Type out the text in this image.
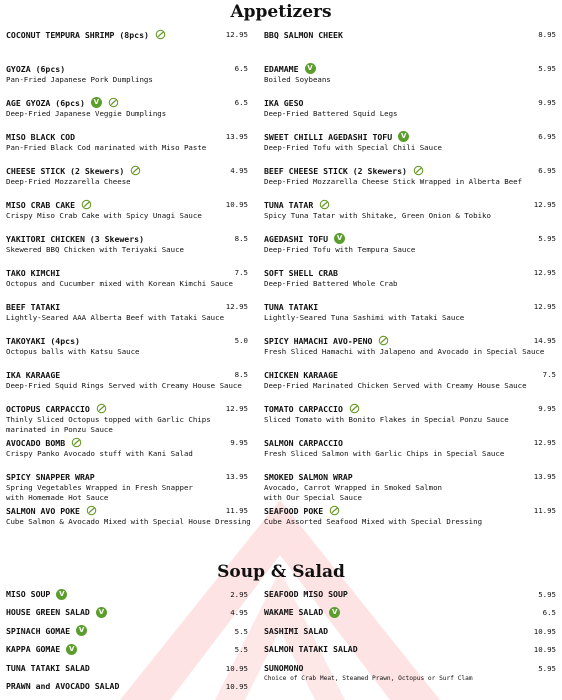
Appetizers
COCONUT TEMPURA SHRIMP (8pcs)	12.95
GYOZA (6pcs)	6.5
Pan-Fried Japanese Pork Dumplings
AGE GYOZA (6pcs)	V	6.5
Deep-Fried Japanese Veggie Dumplings
MISO BLACK COD	13.95
Pan-Fried Black Cod marinated with Miso Paste
CHEESE STICK (2 Skewers)	4.95
Deep-Fried Mozzarella Cheese
MISO CRAB CAKE	10.95
Crispy Miso Crab Cake with Spicy Unagi Sauce
YAKITORI CHICKEN (3 Skewers)	8.5
Skewered BBQ Chicken with Teriyaki Sauce
TAKO KIMCHI	7.5
Octopus and Cucumber mixed with Korean Kimchi Sauce
BEEF TATAKI	12.95
Lightly-Seared AAA Alberta Beef with Tataki Sauce
TAKOYAKI (4pcs)	5.0
Octopus balls with Katsu Sauce
IKA KARAAGE	8.5
Deep-Fried Squid Rings Served with Creamy House Sauce
OCTOPUS CARPACCIO	12.95
Thinly Sliced Octopus topped with Garlic Chips
marinated in Ponzu Sauce
AVOCADO BOMB	9.95
Crispy Panko Avocado stuff with Kani Salad
SPICY SNAPPER WRAP	13.95
Spring Vegetables Wrapped in Fresh Snapper
with Homemade Hot Sauce
SALMON AVO POKE	11.95
Cube Salmon & Avocado Mixed with Special House Dressing
BBQ SALMON CHEEK	8.95
EDAMAME	V	5.95
Boiled Soybeans
IKA GESO	9.95
Deep-Fried Battered Squid Legs
SWEET CHILLI AGEDASHI TOFU	V	6.95
Deep-Fried Tofu with Special Chili Sauce
BEEF CHEESE STICK (2 Skewers)	6.95
Deep-Fried Mozzarella Cheese Stick Wrapped in Alberta Beef
TUNA TATAR	12.95
Spicy Tuna Tatar with Shitake, Green Onion & Tobiko
AGEDASHI TOFU	V	5.95
Deep-Fried Tofu with Tempura Sauce
SOFT SHELL CRAB	12.95
Deep-Fried Battered Whole Crab
TUNA TATAKI	12.95
Lightly-Seared Tuna Sashimi with Tataki Sauce
SPICY HAMACHI AVO-PENO	14.95
Fresh Sliced Hamachi with Jalapeno and Avocado in Special Sauce
CHICKEN KARAAGE	7.5
Deep-Fried Marinated Chicken Served with Creamy House Sauce
TOMATO CARPACCIO	9.95
Sliced Tomato with Bonito Flakes in Special Ponzu Sauce
SALMON CARPACCIO	12.95
Fresh Sliced Salmon with Garlic Chips in Special Sauce
SMOKED SALMON WRAP	13.95
Avocado, Carrot Wrapped in Smoked Salmon
with Our Special Sauce
SEAFOOD POKE	11.95
Cube Assorted Seafood Mixed with Special Dressing
Soup & Salad
MISO SOUP	V	2.95
HOUSE GREEN SALAD	V	4.95
SPINACH GOMAE	V	5.5
KAPPA GOMAE	V	5.5
TUNA TATAKI SALAD	10.95
PRAWN and AVOCADO SALAD	10.95
SEAFOOD MISO SOUP	5.95
WAKAME SALAD	V	6.5
SASHIMI SALAD	10.95
SALMON TATAKI SALAD	10.95
SUNOMONO	5.95
Choice of Crab Meat, Steamed Prawn, Octopus or Surf Clam
